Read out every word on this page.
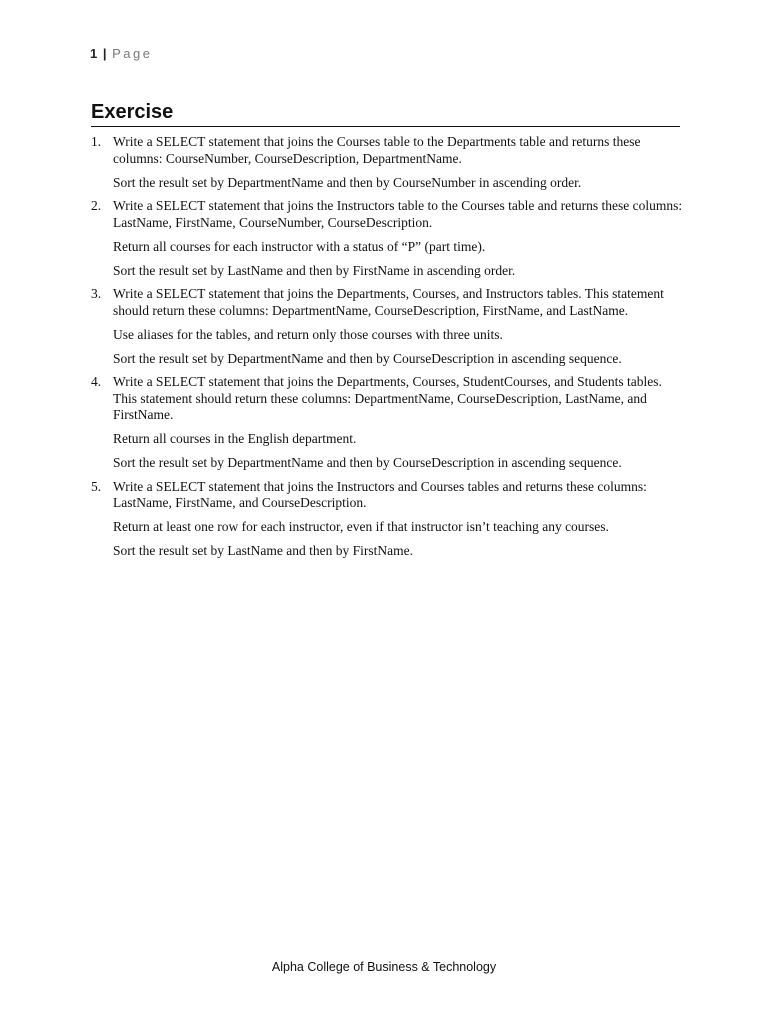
1 | Page
Exercise
1. Write a SELECT statement that joins the Courses table to the Departments table and returns these columns: CourseNumber, CourseDescription, DepartmentName.

Sort the result set by DepartmentName and then by CourseNumber in ascending order.

2. Write a SELECT statement that joins the Instructors table to the Courses table and returns these columns: LastName, FirstName, CourseNumber, CourseDescription.

Return all courses for each instructor with a status of “P” (part time).

Sort the result set by LastName and then by FirstName in ascending order.

3. Write a SELECT statement that joins the Departments, Courses, and Instructors tables. This statement should return these columns: DepartmentName, CourseDescription, FirstName, and LastName.

Use aliases for the tables, and return only those courses with three units.

Sort the result set by DepartmentName and then by CourseDescription in ascending sequence.

4. Write a SELECT statement that joins the Departments, Courses, StudentCourses, and Students tables. This statement should return these columns: DepartmentName, CourseDescription, LastName, and FirstName.

Return all courses in the English department.

Sort the result set by DepartmentName and then by CourseDescription in ascending sequence.

5. Write a SELECT statement that joins the Instructors and Courses tables and returns these columns: LastName, FirstName, and CourseDescription.

Return at least one row for each instructor, even if that instructor isn’t teaching any courses.

Sort the result set by LastName and then by FirstName.

Alpha College of Business & Technology
